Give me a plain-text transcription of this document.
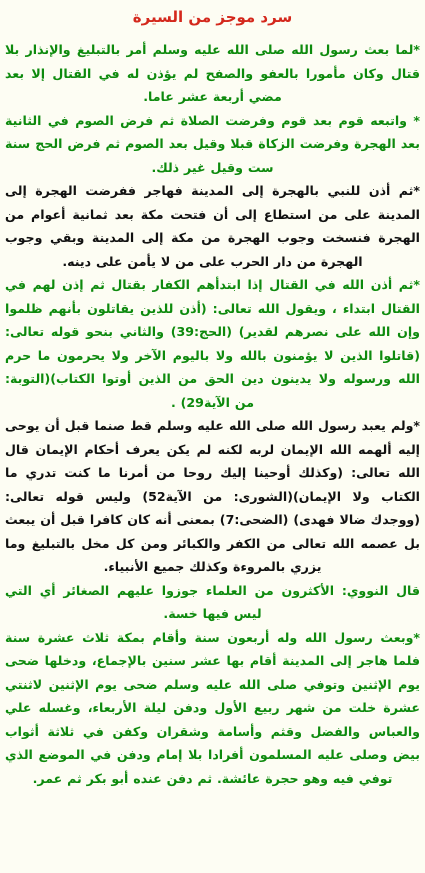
سرد موجز من السيرة

*لما بعث رسول الله صلى الله عليه وسلم أمر بالتبليغ والإنذار بلا قتال وكان مأمورا بالعفو والصفح لم يؤذن له في القتال إلا بعد مضي أربعة عشر عاما.

* واتبعه قوم بعد قوم وفرضت الصلاة ثم فرض الصوم في الثانية بعد الهجرة وفرضت الزكاة قبلا وقيل بعد الصوم ثم فرض الحج سنة ست وقيل غير ذلك.

*ثم أذن للنبي بالهجرة إلى المدينة فهاجر ففرضت الهجرة إلى المدينة على من استطاع إلى أن فتحت مكة بعد ثمانية أعوام من الهجرة فنسخت وجوب الهجرة من مكة إلى المدينة وبقي وجوب الهجرة من دار الحرب على من لا يأمن على دينه.

*ثم أذن الله في القتال إذا ابتدأهم الكفار بقتال ثم إذن لهم في القتال ابتداء ، ويقول الله تعالى: (أذن للذين يقاتلون بأنهم ظلموا وإن الله على نصرهم لقدير) (الحج:39) والثاني بنحو قوله تعالى: (قاتلوا الذين لا يؤمنون بالله ولا باليوم الآخر ولا يحرمون ما حرم الله ورسوله ولا يدينون دين الحق من الذين أوتوا الكتاب)(التوبة: من الآية29) .

*ولم يعبد رسول الله صلى الله عليه وسلم قط صنما قبل أن يوحى إليه ألهمه الله الإيمان لربه لكنه لم يكن يعرف أحكام الإيمان قال الله تعالى: (وكذلك أوحينا إليك روحا من أمرنا ما كنت تدري ما الكتاب ولا الإيمان)(الشورى: من الآية52) وليس قوله تعالى: (ووجدك ضالا فهدى) (الضحى:7) بمعنى أنه كان كافرا قبل أن يبعث بل عصمه الله تعالى من الكفر والكبائر ومن كل مخل بالتبليغ وما يزري بالمروءة وكذلك جميع الأنبياء.

قال النووي: الأكثرون من العلماء جوزوا عليهم الصغائر أي التي ليس فيها خسة.

*وبعث رسول الله وله أربعون سنة وأقام بمكة ثلاث عشرة سنة فلما هاجر إلى المدينة أقام بها عشر سنين بالإجماع، ودخلها ضحى يوم الإثنين وتوفي صلى الله عليه وسلم ضحى يوم الإثنين لاثنتي عشرة خلت من شهر ربيع الأول ودفن ليلة الأربعاء، وغسله علي والعباس والفضل وقثم وأسامة وشقران وكفن في ثلاثة أثواب بيض وصلى عليه المسلمون أفرادا بلا إمام ودفن في الموضع الذي توفي فيه وهو حجرة عائشة. ثم دفن عنده أبو بكر ثم عمر.
